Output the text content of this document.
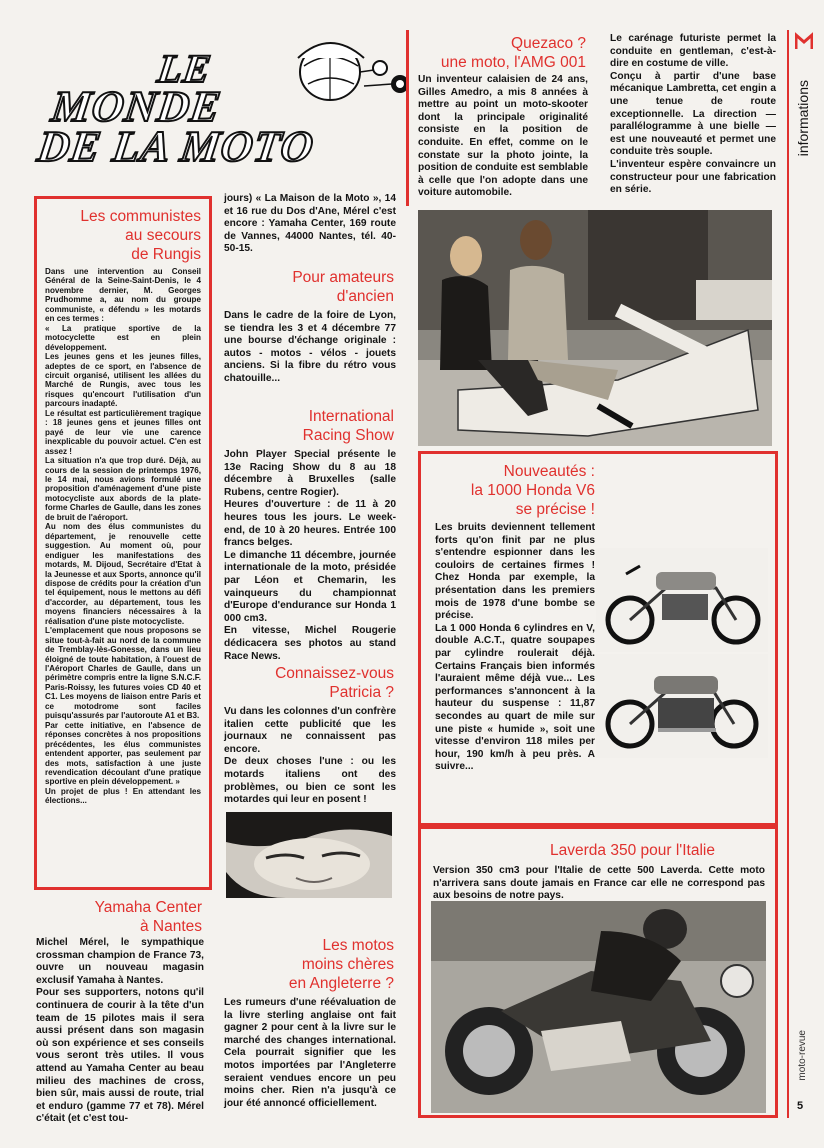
LE
MONDE
DE LA MOTO
Les communistes
au secours
de Rungis

Dans une intervention au Conseil Général de la Seine-Saint-Denis, le 4 novembre dernier, M. Georges Prudhomme a, au nom du groupe communiste, « défendu » les motards en ces termes :
« La pratique sportive de la motocyclette est en plein développement.
Les jeunes gens et les jeunes filles, adeptes de ce sport, en l'absence de circuit organisé, utilisent les allées du Marché de Rungis, avec tous les risques qu'encourt l'utilisation d'un parcours inadapté.
Le résultat est particulièrement tragique : 18 jeunes gens et jeunes filles ont payé de leur vie une carence inexplicable du pouvoir actuel. C'en est assez !
La situation n'a que trop duré. Déjà, au cours de la session de printemps 1976, le 14 mai, nous avions formulé une proposition d'aménagement d'une piste motocycliste aux abords de la plate-forme Charles de Gaulle, dans les zones de bruit de l'aéroport.
Au nom des élus communistes du département, je renouvelle cette suggestion. Au moment où, pour endiguer les manifestations des motards, M. Dijoud, Secrétaire d'Etat à la Jeunesse et aux Sports, annonce qu'il dispose de crédits pour la création d'un tel équipement, nous le mettons au défi d'accorder, au département, tous les moyens financiers nécessaires à la réalisation d'une piste motocycliste.
L'emplacement que nous proposons se situe tout-à-fait au nord de la commune de Tremblay-lès-Gonesse, dans un lieu éloigné de toute habitation, à l'ouest de l'Aéroport Charles de Gaulle, dans un périmètre compris entre la ligne S.N.C.F. Paris-Roissy, les futures voies CD 40 et C1. Les moyens de liaison entre Paris et ce motodrome sont faciles puisqu'assurés par l'autoroute A1 et B3.
Par cette initiative, en l'absence de réponses concrètes à nos propositions précédentes, les élus communistes entendent apporter, pas seulement par des mots, satisfaction à une juste revendication découlant d'une pratique sportive en plein développement. »
Un projet de plus ! En attendant les élections...

Yamaha Center
à Nantes

Michel Mérel, le sympathique crossman champion de France 73, ouvre un nouveau magasin exclusif Yamaha à Nantes.
Pour ses supporters, notons qu'il continuera de courir à la tête d'un team de 15 pilotes mais il sera aussi présent dans son magasin où son expérience et ses conseils vous seront très utiles. Il vous attend au Yamaha Center au beau milieu des machines de cross, bien sûr, mais aussi de route, trial et enduro (gamme 77 et 78). Mérel c'était (et c'est tou-

jours) « La Maison de la Moto », 14 et 16 rue du Dos d'Ane, Mérel c'est encore : Yamaha Center, 169 route de Vannes, 44000 Nantes, tél. 40-50-15.

Pour amateurs
d'ancien

Dans le cadre de la foire de Lyon, se tiendra les 3 et 4 décembre 77 une bourse d'échange originale : autos - motos - vélos - jouets anciens. Si la fibre du rétro vous chatouille...

International
Racing Show

John Player Special présente le 13e Racing Show du 8 au 18 décembre à Bruxelles (salle Rubens, centre Rogier).
Heures d'ouverture : de 11 à 20 heures tous les jours. Le week-end, de 10 à 20 heures. Entrée 100 francs belges.
Le dimanche 11 décembre, journée internationale de la moto, présidée par Léon et Chemarin, les vainqueurs du championnat d'Europe d'endurance sur Honda 1 000 cm3.
En vitesse, Michel Rougerie dédicacera ses photos au stand Race News.

Connaissez-vous
Patricia ?

Vu dans les colonnes d'un confrère italien cette publicité que les journaux ne connaissent pas encore.
De deux choses l'une : ou les motards italiens ont des problèmes, ou bien ce sont les motardes qui leur en posent !

Les motos
moins chères
en Angleterre ?

Les rumeurs d'une réévaluation de la livre sterling anglaise ont fait gagner 2 pour cent à la livre sur le marché des changes international. Cela pourrait signifier que les motos importées par l'Angleterre seraient vendues encore un peu moins cher. Rien n'a jusqu'à ce jour été annoncé officiellement.

Quezaco ?
une moto, l'AMG 001

Un inventeur calaisien de 24 ans, Gilles Amedro, a mis 8 années à mettre au point un moto-skooter dont la principale originalité consiste en la position de conduite. En effet, comme on le constate sur la photo jointe, la position de conduite est semblable à celle que l'on adopte dans une voiture automobile.

Le carénage futuriste permet la conduite en gentleman, c'est-à-dire en costume de ville.
Conçu à partir d'une base mécanique Lambretta, cet engin a une tenue de route exceptionnelle. La direction — parallélogramme à une bielle — est une nouveauté et permet une conduite très souple.
L'inventeur espère convaincre un constructeur pour une fabrication en série.

Nouveautés :
la 1000 Honda V6
se précise !

Les bruits deviennent tellement forts qu'on finit par ne plus s'entendre espionner dans les couloirs de certaines firmes ! Chez Honda par exemple, la présentation dans les premiers mois de 1978 d'une bombe se précise.
La 1 000 Honda 6 cylindres en V, double A.C.T., quatre soupapes par cylindre roulerait déjà. Certains Français bien informés l'auraient même déjà vue... Les performances s'annoncent à la hauteur du suspense : 11,87 secondes au quart de mile sur une piste « humide », soit une vitesse d'environ 118 miles per hour, 190 km/h à peu près. A suivre...

Laverda 350 pour l'Italie

Version 350 cm3 pour l'Italie de cette 500 Laverda. Cette moto n'arrivera sans doute jamais en France car elle ne correspond pas aux besoins de notre pays.

informations
moto-revue
5
